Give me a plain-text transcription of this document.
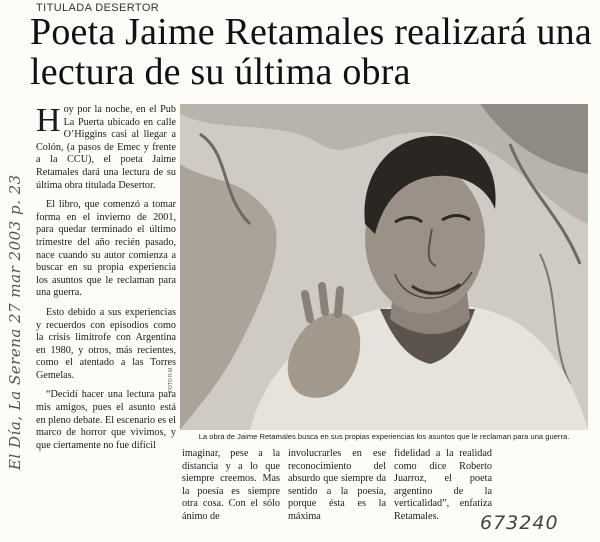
TITULADA DESERTOR
Poeta Jaime Retamales realizará una lectura de su última obra
El Día, La Serena 27 mar 2003 p. 23

Hoy por la noche, en el Pub La Puerta ubicado en calle O’Higgins casi al llegar a Colón, (a pasos de Emec y frente a la CCU), el poeta Jaime Retamales dará una lectura de su última obra titulada Desertor.

El libro, que comenzó a tomar forma en el invierno de 2001, para quedar terminado el último trimestre del año recién pasado, nace cuando su autor comienza a buscar en su propia experiencia los asuntos que le reclaman para una guerra.

Esto debido a sus experiencias y recuerdos con episodios como la crisis limítrofe con Argentina en 1980, y otros, más recientes, como el atentado a las Torres Gemelas.

“Decidí hacer una lectura para mis amigos, pues el asunto está en pleno debate. El escenario es el marco de horror que vivimos, y que ciertamente no fue difícil

FOTO R.M.
La obra de Jaime Retamales busca en sus propias experiencias los asuntos que le reclaman para una guerra.

imaginar, pese a la distancia y a lo que siempre creemos. Mas la poesía es siempre otra cosa. Con el sólo ánimo de

involucrarles en ese reconocimiento del absurdo que siempre da sentido a la poesía, porque ésta es la máxima

fidelidad a la realidad como dice Roberto Juarroz, el poeta argentino de la verticalidad”, enfatiza Retamales.	673240
